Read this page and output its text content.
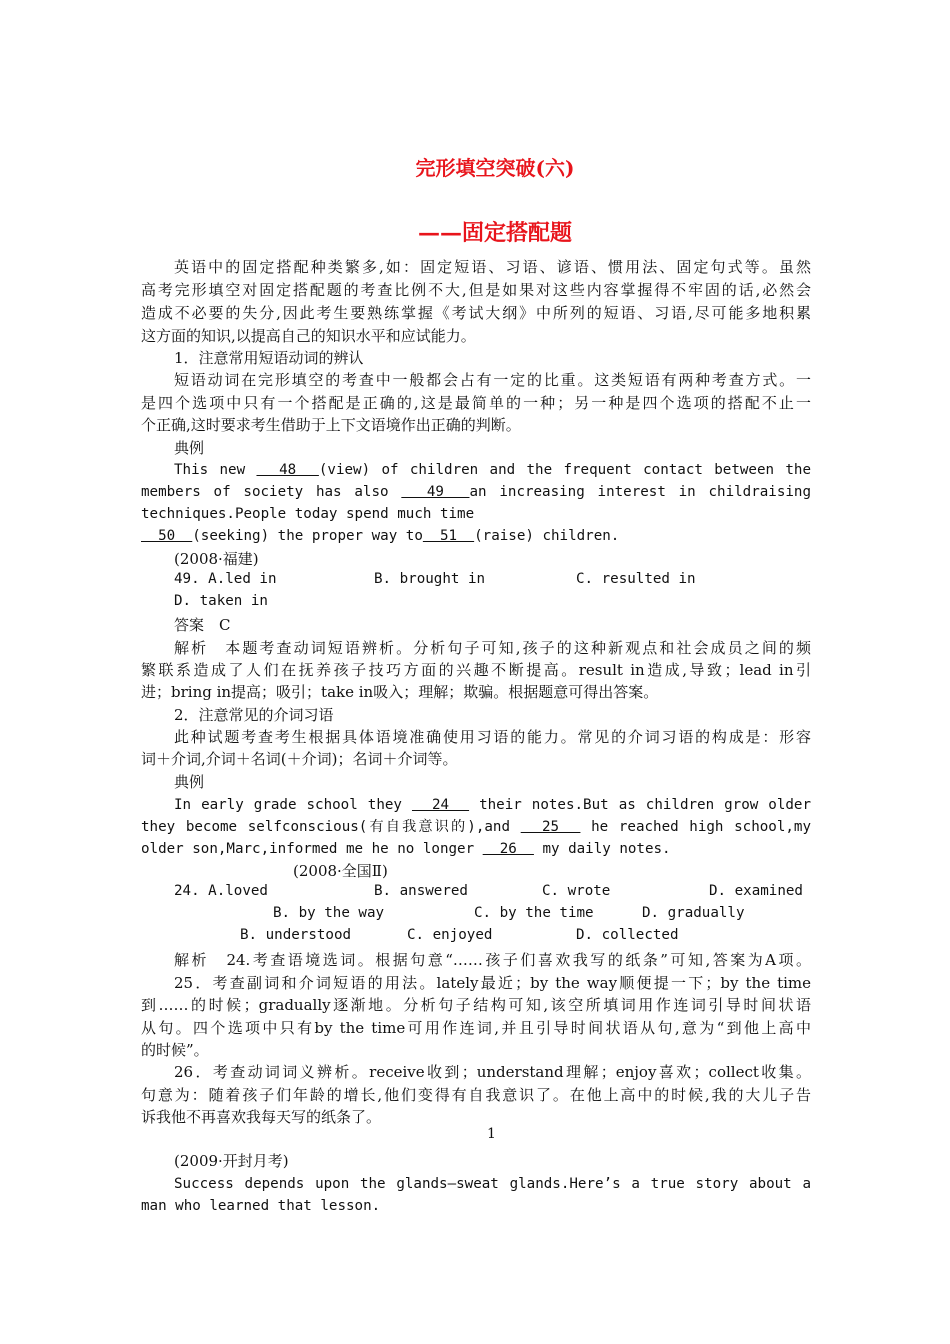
完形填空突破(六)
——固定搭配题
英语中的固定搭配种类繁多,如：固定短语、习语、谚语、惯用法、固定句式等。虽然
高考完形填空对固定搭配题的考查比例不大,但是如果对这些内容掌握得不牢固的话,必然会
造成不必要的失分,因此考生要熟练掌握《考试大纲》中所列的短语、习语,尽可能多地积累
这方面的知识,以提高自己的知识水平和应试能力。
1．注意常用短语动词的辨认
短语动词在完形填空的考查中一般都会占有一定的比重。这类短语有两种考查方式。一
是四个选项中只有一个搭配是正确的,这是最简单的一种；另一种是四个选项的搭配不止一
个正确,这时要求考生借助于上下文语境作出正确的判断。
典例
This new   48  (view) of children and the frequent contact between the
members of society has also   49  an increasing interest in childraising
techniques.People today spend much time
50  (seeking) the proper way to  51  (raise) children.
(2008·福建)
49. A.led in	B. brought in	C. resulted in
D. taken in
答案　C
解析　本题考查动词短语辨析。分析句子可知,孩子的这种新观点和社会成员之间的频
繁联系造成了人们在抚养孩子技巧方面的兴趣不断提高。result in造成,导致；lead in引
进；bring in提高；吸引；take in吸入；理解；欺骗。根据题意可得出答案。
2．注意常见的介词习语
此种试题考查考生根据具体语境准确使用习语的能力。常见的介词习语的构成是：形容
词＋介词,介词＋名词(＋介词)；名词＋介词等。
典例
In early grade school they   24   their notes.But as children grow older
they become selfconscious(有自我意识的),and   25   he reached high school,my
older son,Marc,informed me he no longer   26   my daily notes.
(2008·全国Ⅱ)
24. A.loved	B. answered	C. wrote	D. examined
B. by the way	C. by the time	D. gradually
B. understood	C. enjoyed	D. collected
解析　24.考查语境选词。根据句意“……孩子们喜欢我写的纸条”可知,答案为A项。
25．考查副词和介词短语的用法。lately最近；by the way顺便提一下；by the time
到……的时候；gradually逐渐地。分析句子结构可知,该空所填词用作连词引导时间状语
从句。四个选项中只有by the time可用作连词,并且引导时间状语从句,意为“到他上高中
的时候”。
26．考查动词词义辨析。receive收到；understand理解；enjoy喜欢；collect收集。
句意为：随着孩子们年龄的增长,他们变得有自我意识了。在他上高中的时候,我的大儿子告
诉我他不再喜欢我每天写的纸条了。
1
(2009·开封月考)
Success depends upon the glands—sweat glands.Here’s a true story about a
man who learned that lesson.
